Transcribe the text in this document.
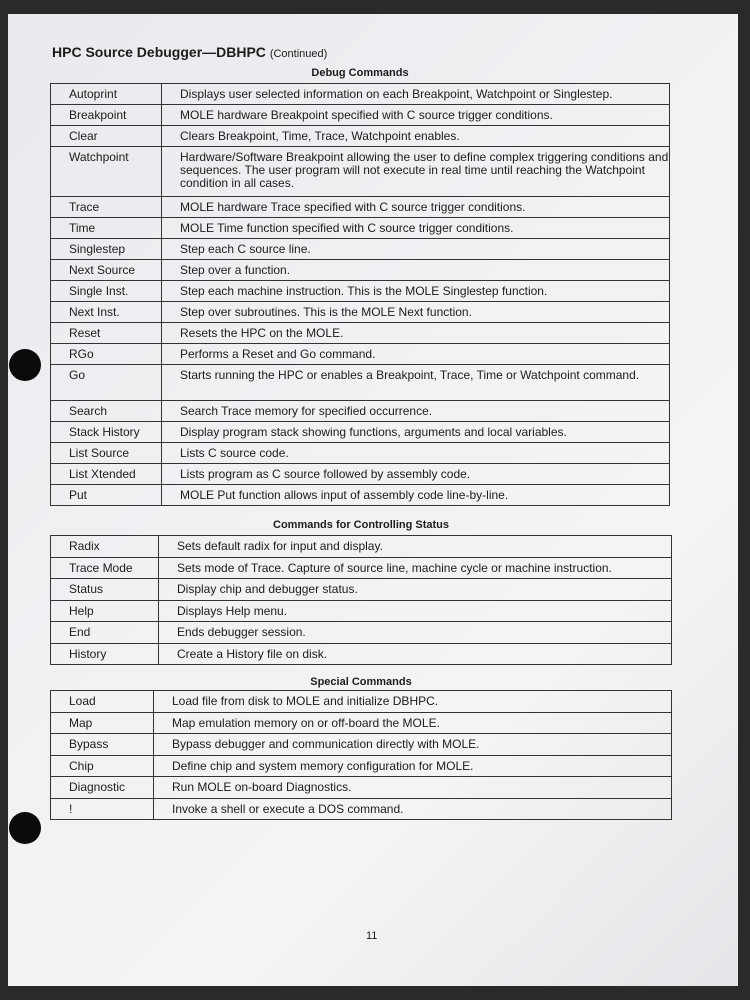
HPC Source Debugger—DBHPC (Continued)
Debug Commands
Autoprint	Displays user selected information on each Breakpoint, Watchpoint or Singlestep.
Breakpoint	MOLE hardware Breakpoint specified with C source trigger conditions.
Clear	Clears Breakpoint, Time, Trace, Watchpoint enables.
Watchpoint	Hardware/Software Breakpoint allowing the user to define complex triggering conditions and sequences. The user program will not execute in real time until reaching the Watchpoint condition in all cases.
Trace	MOLE hardware Trace specified with C source trigger conditions.
Time	MOLE Time function specified with C source trigger conditions.
Singlestep	Step each C source line.
Next Source	Step over a function.
Single Inst.	Step each machine instruction. This is the MOLE Singlestep function.
Next Inst.	Step over subroutines. This is the MOLE Next function.
Reset	Resets the HPC on the MOLE.
RGo	Performs a Reset and Go command.
Go	Starts running the HPC or enables a Breakpoint, Trace, Time or Watchpoint command.
Search	Search Trace memory for specified occurrence.
Stack History	Display program stack showing functions, arguments and local variables.
List Source	Lists C source code.
List Xtended	Lists program as C source followed by assembly code.
Put	MOLE Put function allows input of assembly code line-by-line.
Commands for Controlling Status
Radix	Sets default radix for input and display.
Trace Mode	Sets mode of Trace. Capture of source line, machine cycle or machine instruction.
Status	Display chip and debugger status.
Help	Displays Help menu.
End	Ends debugger session.
History	Create a History file on disk.
Special Commands
Load	Load file from disk to MOLE and initialize DBHPC.
Map	Map emulation memory on or off-board the MOLE.
Bypass	Bypass debugger and communication directly with MOLE.
Chip	Define chip and system memory configuration for MOLE.
Diagnostic	Run MOLE on-board Diagnostics.
!	Invoke a shell or execute a DOS command.
11
